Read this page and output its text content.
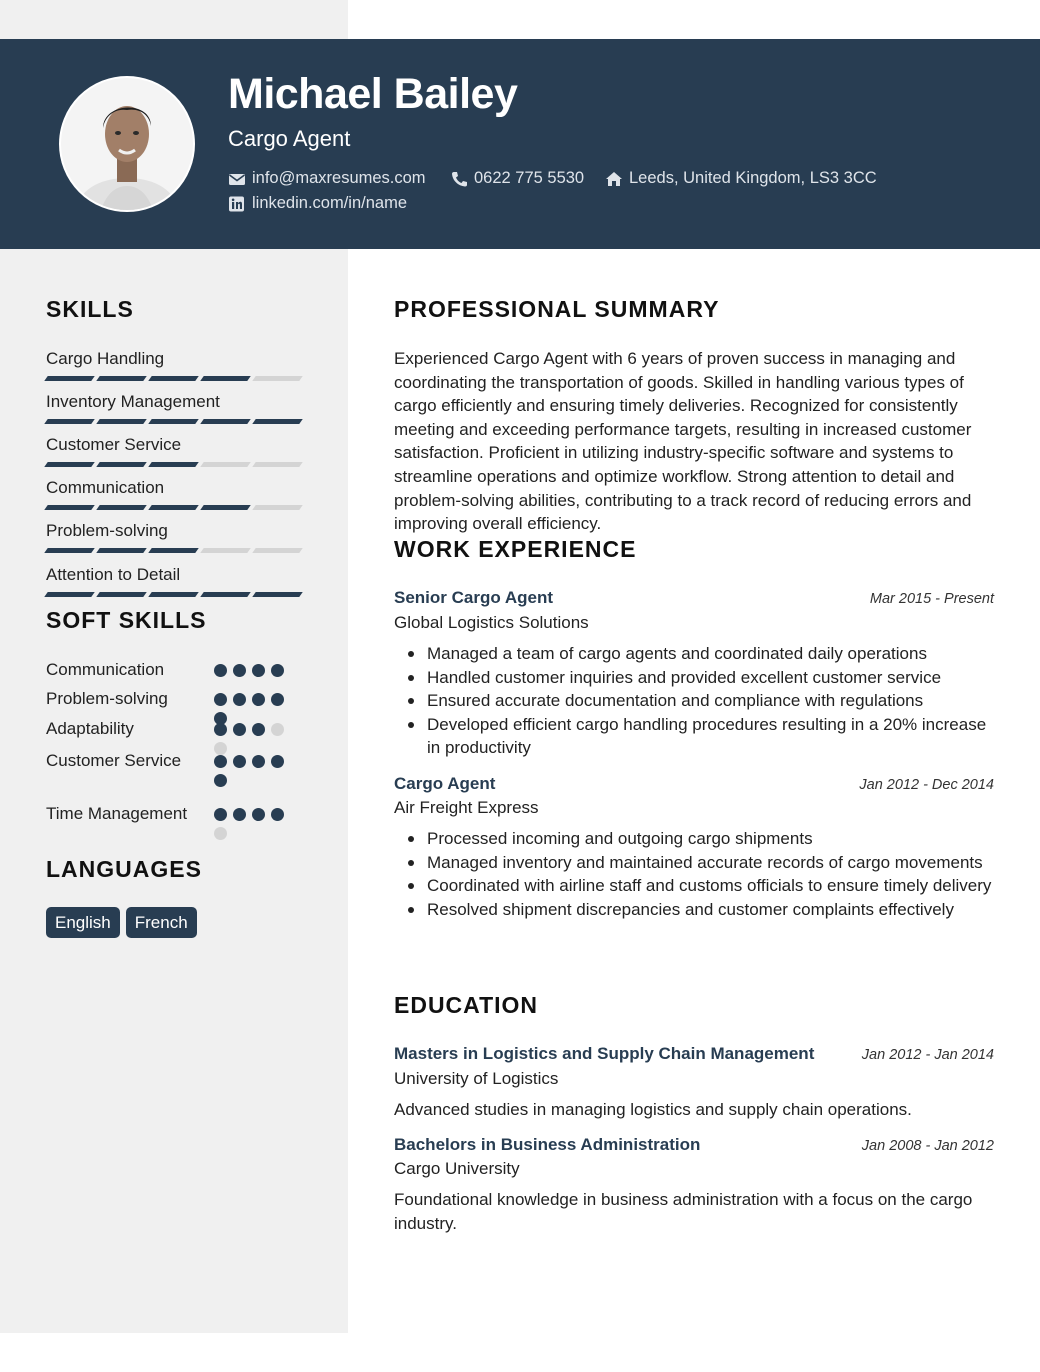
Michael Bailey
Cargo Agent
info@maxresumes.com	0622 775 5530	Leeds, United Kingdom, LS3 3CC
linkedin.com/in/name
SKILLS
Cargo Handling
Inventory Management
Customer Service
Communication
Problem-solving
Attention to Detail
SOFT SKILLS
Communication
Problem-solving
Adaptability
Customer Service
Time Management
LANGUAGES
English	French
PROFESSIONAL SUMMARY
Experienced Cargo Agent with 6 years of proven success in managing and coordinating the transportation of goods. Skilled in handling various types of cargo efficiently and ensuring timely deliveries. Recognized for consistently meeting and exceeding performance targets, resulting in increased customer satisfaction. Proficient in utilizing industry-specific software and systems to streamline operations and optimize workflow. Strong attention to detail and problem-solving abilities, contributing to a track record of reducing errors and improving overall efficiency.
WORK EXPERIENCE
Senior Cargo Agent	Mar 2015 - Present
Global Logistics Solutions
Managed a team of cargo agents and coordinated daily operations
Handled customer inquiries and provided excellent customer service
Ensured accurate documentation and compliance with regulations
Developed efficient cargo handling procedures resulting in a 20% increase in productivity
Cargo Agent	Jan 2012 - Dec 2014
Air Freight Express
Processed incoming and outgoing cargo shipments
Managed inventory and maintained accurate records of cargo movements
Coordinated with airline staff and customs officials to ensure timely delivery
Resolved shipment discrepancies and customer complaints effectively
EDUCATION
Masters in Logistics and Supply Chain Management	Jan 2012 - Jan 2014
University of Logistics
Advanced studies in managing logistics and supply chain operations.
Bachelors in Business Administration	Jan 2008 - Jan 2012
Cargo University
Foundational knowledge in business administration with a focus on the cargo industry.
